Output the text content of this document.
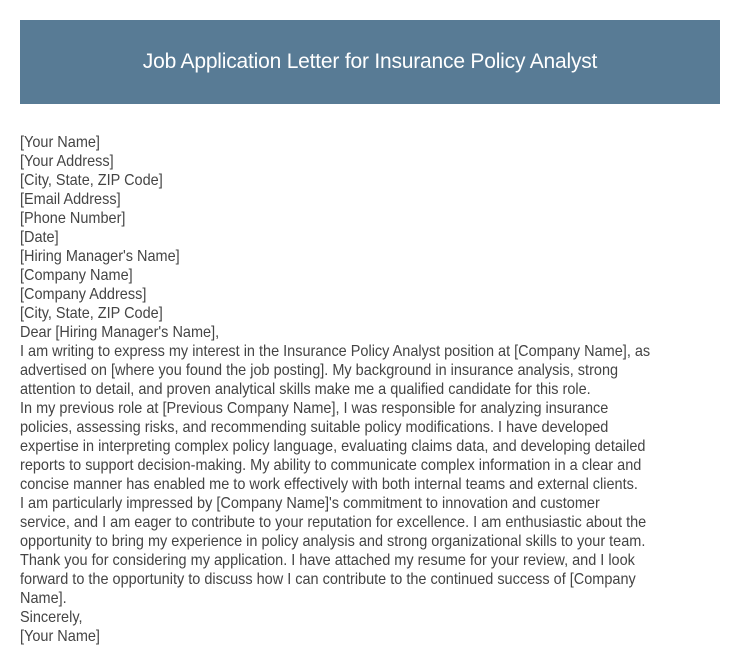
Job Application Letter for Insurance Policy Analyst
[Your Name]
[Your Address]
[City, State, ZIP Code]
[Email Address]
[Phone Number]
[Date]
[Hiring Manager's Name]
[Company Name]
[Company Address]
[City, State, ZIP Code]
Dear [Hiring Manager's Name],
I am writing to express my interest in the Insurance Policy Analyst position at [Company Name], as
advertised on [where you found the job posting]. My background in insurance analysis, strong
attention to detail, and proven analytical skills make me a qualified candidate for this role.
In my previous role at [Previous Company Name], I was responsible for analyzing insurance
policies, assessing risks, and recommending suitable policy modifications. I have developed
expertise in interpreting complex policy language, evaluating claims data, and developing detailed
reports to support decision-making. My ability to communicate complex information in a clear and
concise manner has enabled me to work effectively with both internal teams and external clients.
I am particularly impressed by [Company Name]'s commitment to innovation and customer
service, and I am eager to contribute to your reputation for excellence. I am enthusiastic about the
opportunity to bring my experience in policy analysis and strong organizational skills to your team.
Thank you for considering my application. I have attached my resume for your review, and I look
forward to the opportunity to discuss how I can contribute to the continued success of [Company
Name].
Sincerely,
[Your Name]
